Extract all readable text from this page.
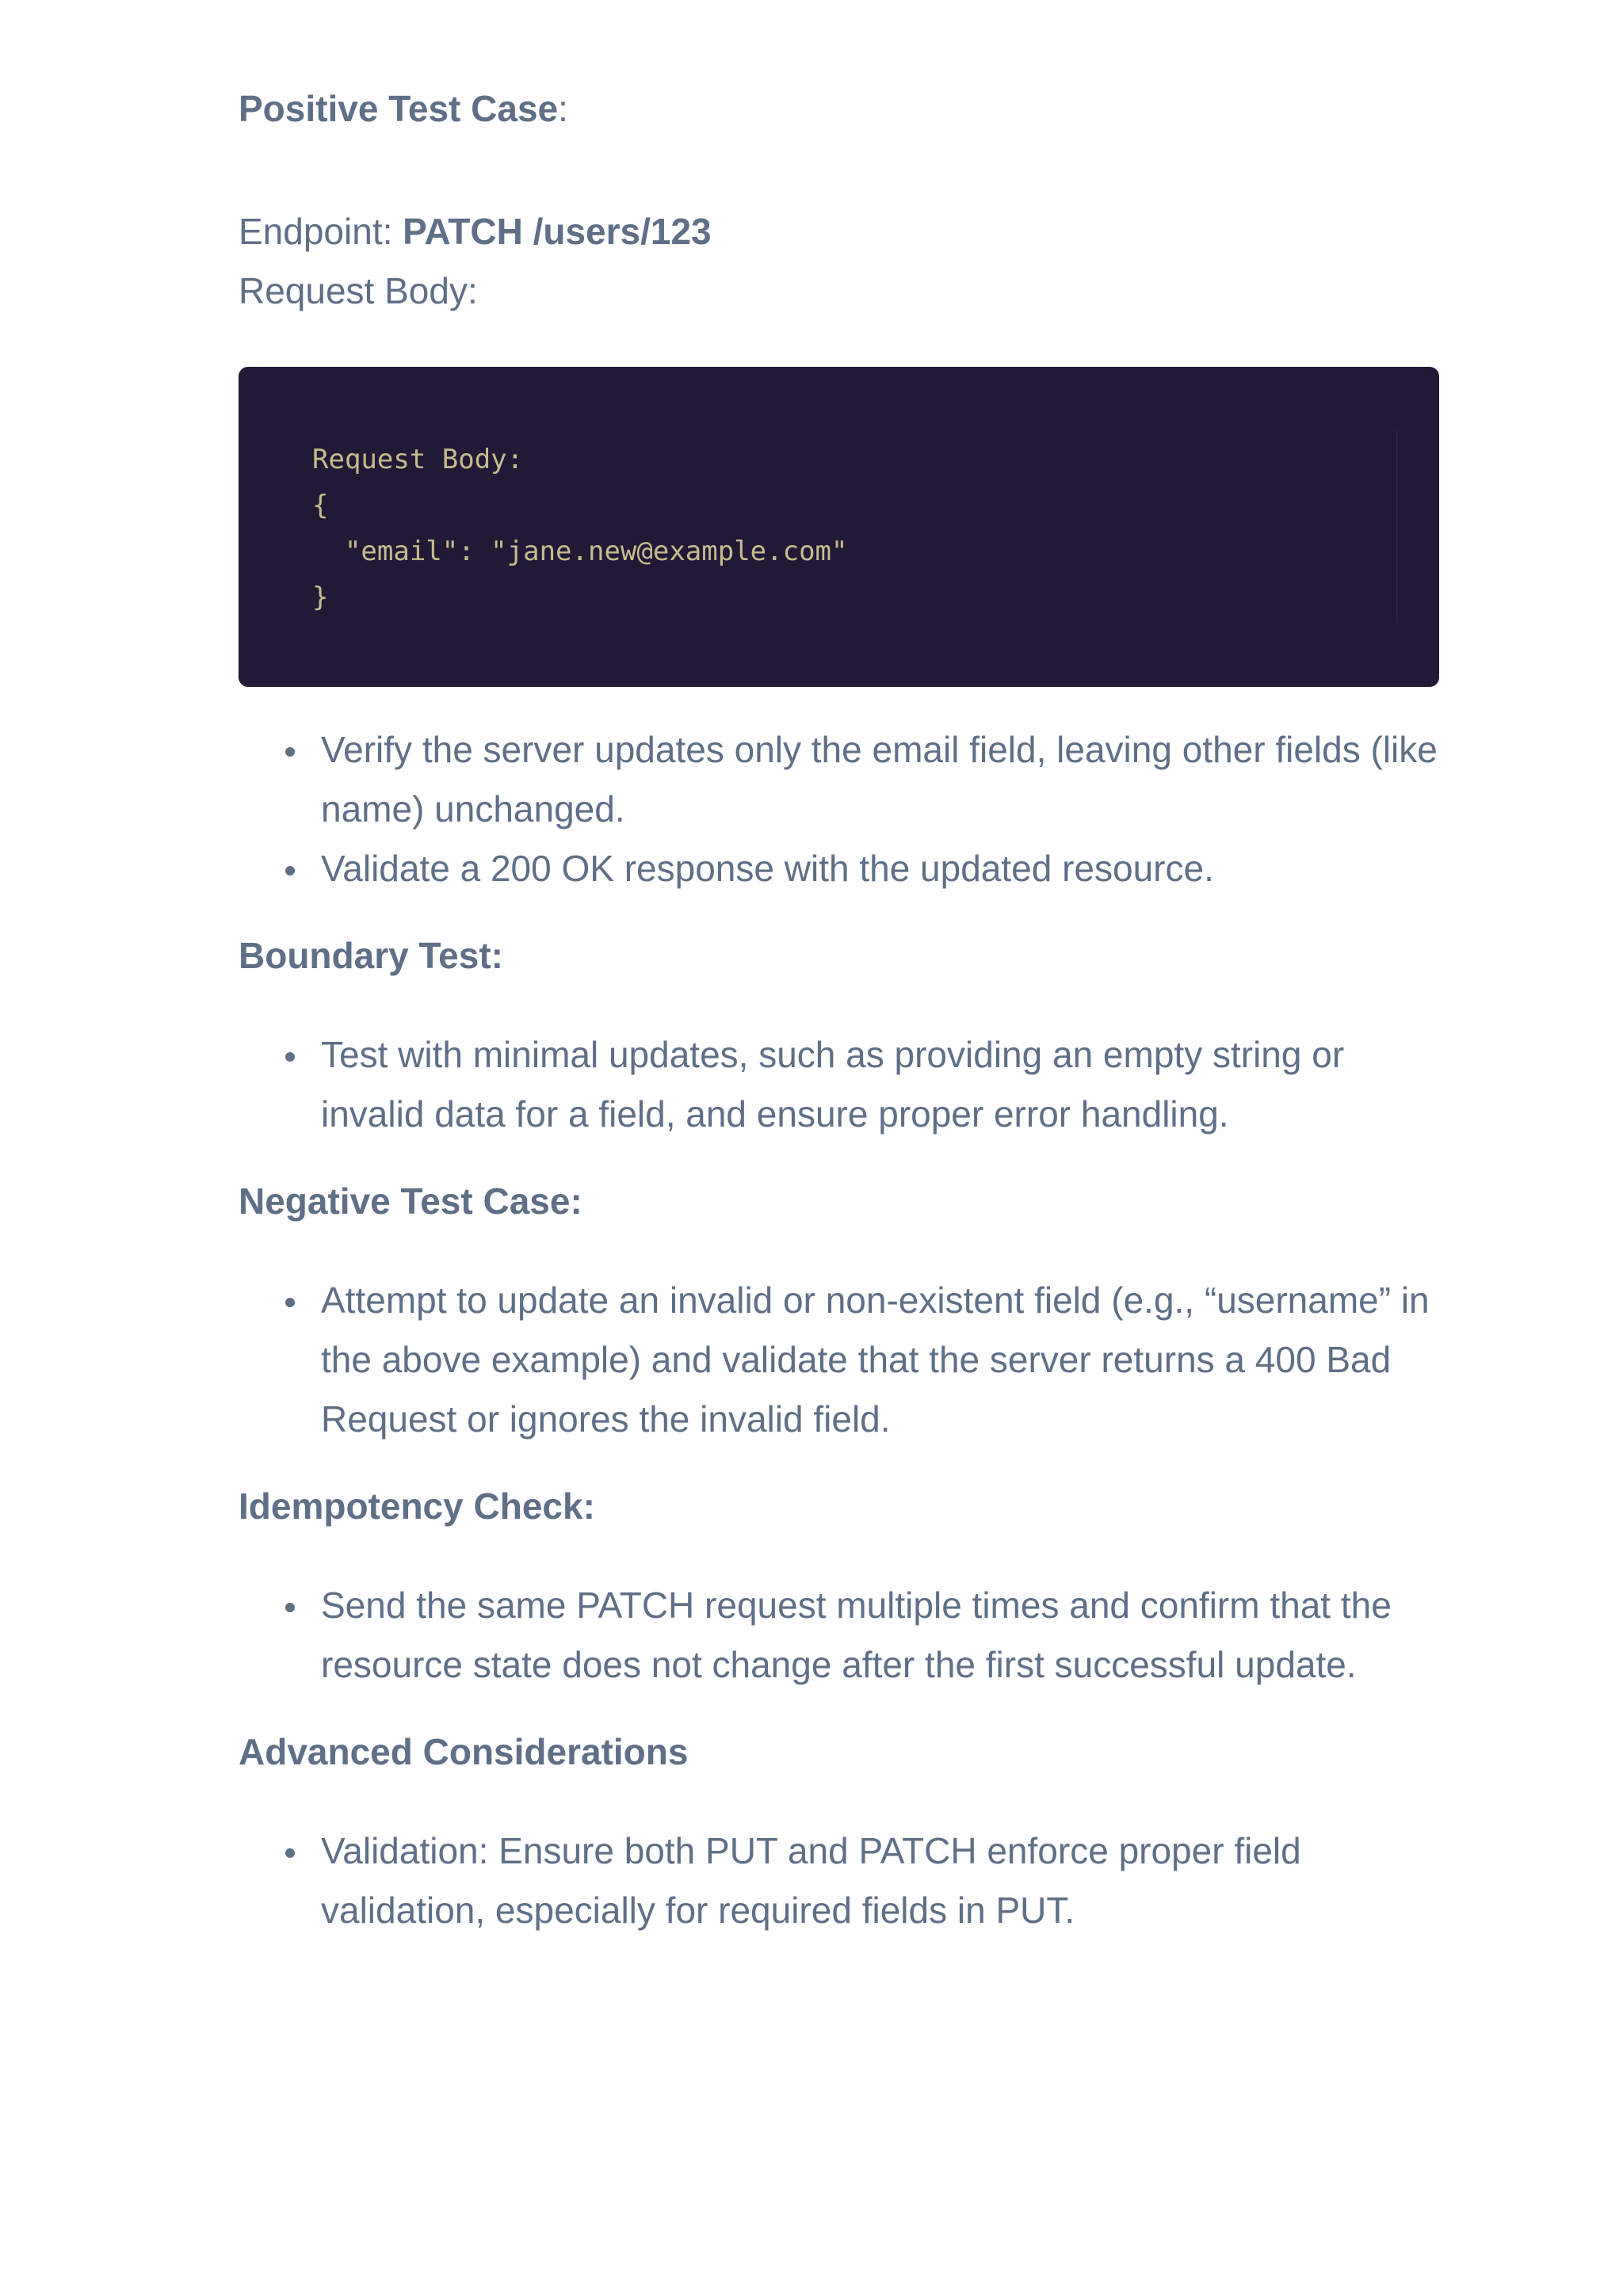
Positive Test Case:

Endpoint: PATCH /users/123

Request Body:

Request Body:
{
"email": "jane.new@example.com"
}
Verify the server updates only the email field, leaving other fields (like name) unchanged.
Validate a 200 OK response with the updated resource.

Boundary Test:

Test with minimal updates, such as providing an empty string or invalid data for a field, and ensure proper error handling.

Negative Test Case:

Attempt to update an invalid or non-existent field (e.g., “username” in the above example) and validate that the server returns a 400 Bad Request or ignores the invalid field.

Idempotency Check:

Send the same PATCH request multiple times and confirm that the resource state does not change after the first successful update.

Advanced Considerations

Validation: Ensure both PUT and PATCH enforce proper field validation, especially for required fields in PUT.
